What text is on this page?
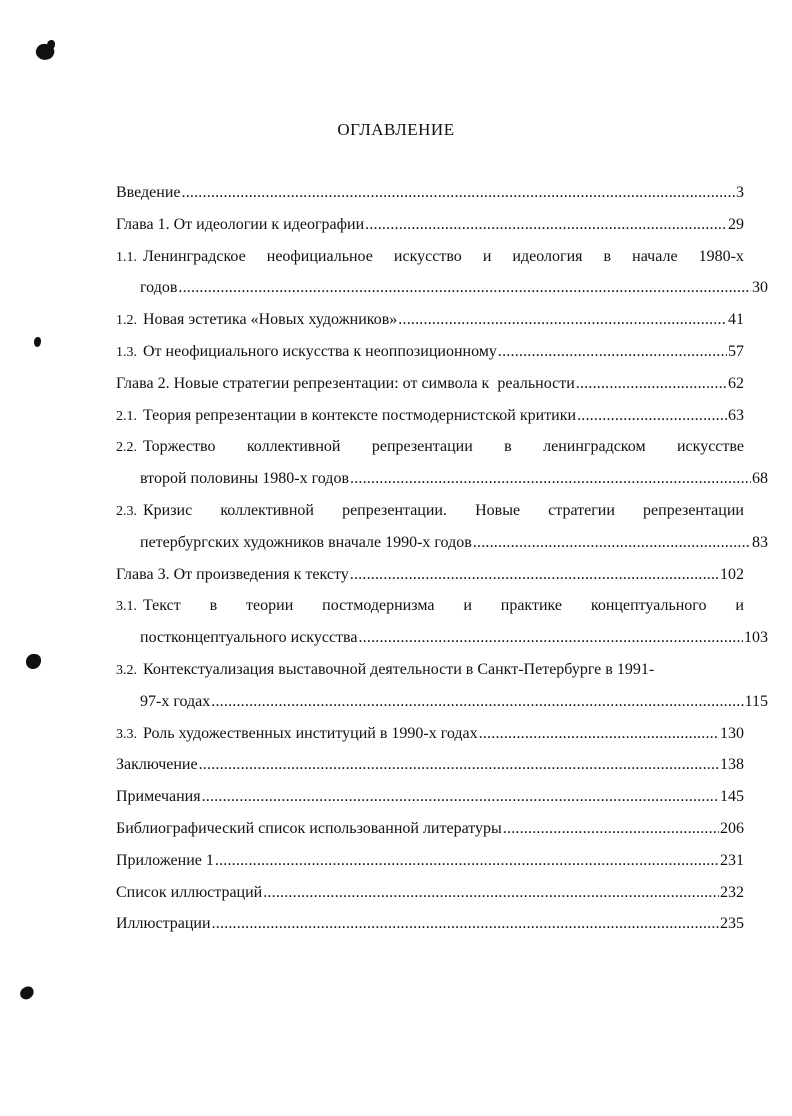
ОГЛАВЛЕНИЕ
Введение .....	3
Глава 1. От идеологии к идеографии .....	29
1.1. Ленинградское неофициальное искусство и идеология в начале 1980-х
годов .....	30
1.2. Новая эстетика «Новых художников» .....	41
1.3. От неофициального искусства к неоппозиционному .....	57
Глава 2. Новые стратегии репрезентации: от символа к  реальности .....	62
2.1. Теория репрезентации в контексте постмодернистской критики .....	63
2.2. Торжество коллективной репрезентации в ленинградском искусстве
второй половины 1980-х годов .....	68
2.3. Кризис коллективной репрезентации. Новые стратегии репрезентации
петербургских художников вначале 1990-х годов .....	83
Глава 3. От произведения к тексту .....	102
3.1. Текст в теории постмодернизма и практике концептуального и
постконцептуального искусства .....	103
3.2. Контекстуализация выставочной деятельности в Санкт-Петербурге в 1991-
97-х годах .....	115
3.3. Роль художественных институций в 1990-х годах .....	130
Заключение .....	138
Примечания .....	145
Библиографический список использованной литературы .....	206
Приложение 1 .....	231
Список иллюстраций .....	232
Иллюстрации .....	235
